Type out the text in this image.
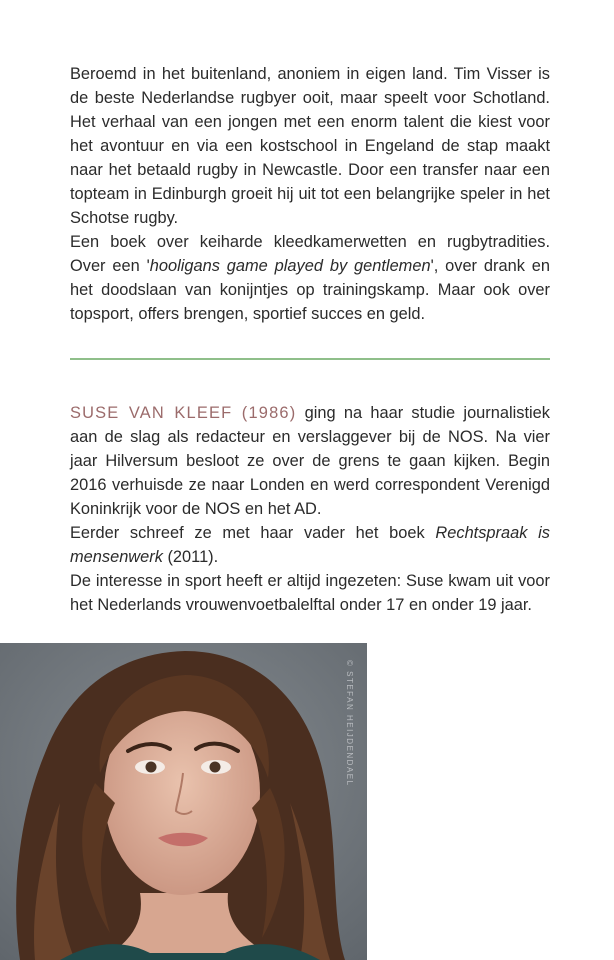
Beroemd in het buitenland, anoniem in eigen land. Tim Visser is de beste Nederlandse rugbyer ooit, maar speelt voor Schotland. Het verhaal van een jongen met een enorm talent die kiest voor het avontuur en via een kostschool in Engeland de stap maakt naar het betaald rugby in Newcastle. Door een transfer naar een topteam in Edinburgh groeit hij uit tot een belangrijke speler in het Schotse rugby.

Een boek over keiharde kleedkamerwetten en rugbytradities. Over een 'hooligans game played by gentlemen', over drank en het doodslaan van konijntjes op trainingskamp. Maar ook over topsport, offers brengen, sportief succes en geld.

SUSE VAN KLEEF (1986) ging na haar studie journalistiek aan de slag als redacteur en verslaggever bij de NOS. Na vier jaar Hilversum besloot ze over de grens te gaan kijken. Begin 2016 verhuisde ze naar Londen en werd correspondent Verenigd Koninkrijk voor de NOS en het AD.

Eerder schreef ze met haar vader het boek Rechtspraak is mensenwerk (2011).

De interesse in sport heeft er altijd ingezeten: Suse kwam uit voor het Nederlands vrouwenvoetbalelftal onder 17 en onder 19 jaar.

© STEFAN HEIJDENDAEL
